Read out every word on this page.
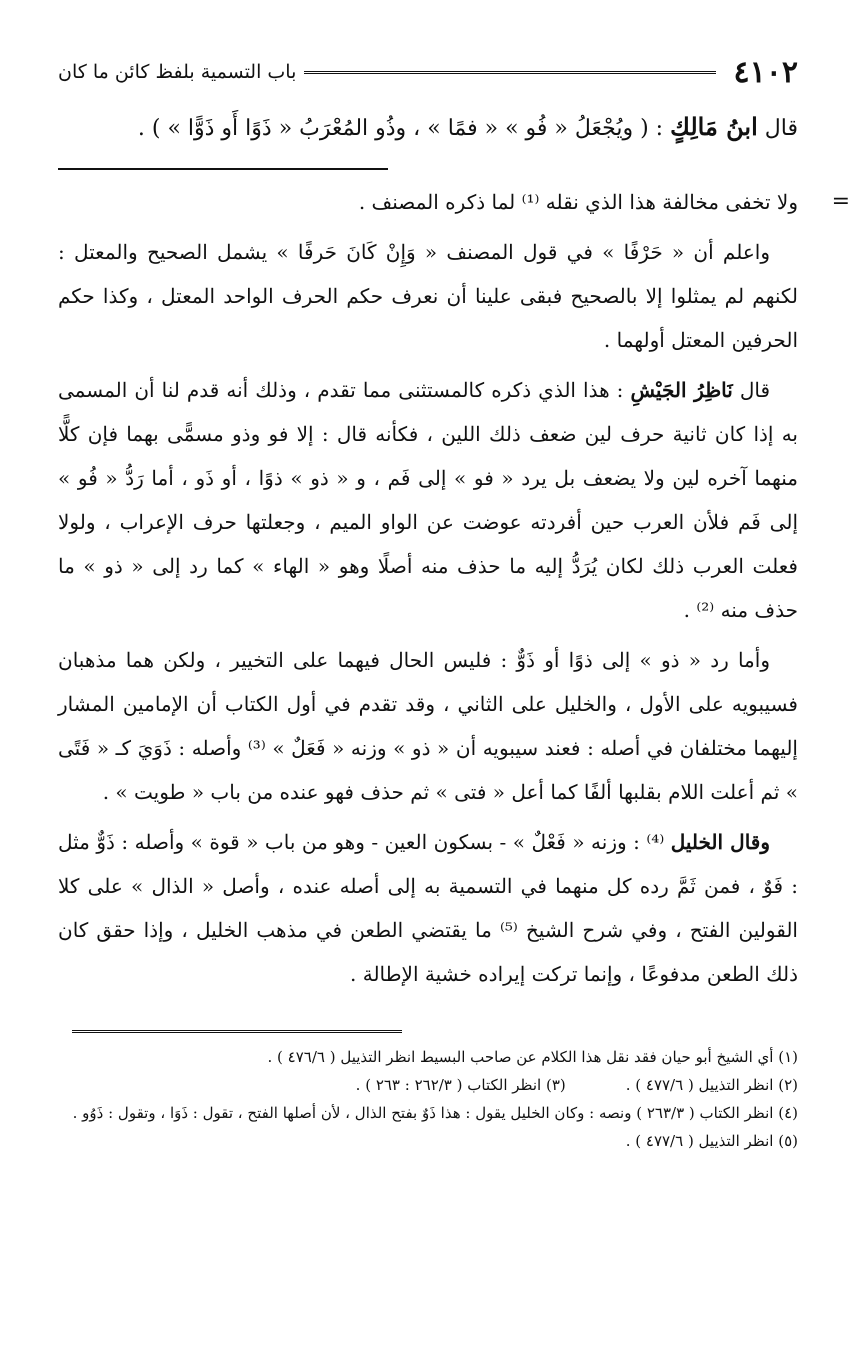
٤١٠٢
باب التسمية بلفظ كائن ما كان
قال ابنُ مَالِكٍ : ( ويُجْعَلُ « فُو » « فمًا » ، وذُو المُعْرَبُ « ذَوًا أَو ذَوًّا » ) .
=

ولا تخفى مخالفة هذا الذي نقله ⁽¹⁾ لما ذكره المصنف .

واعلم أن « حَرْفًا » في قول المصنف « وَإِنْ كَانَ حَرفًا » يشمل الصحيح والمعتل : لكنهم لم يمثلوا إلا بالصحيح فبقى علينا أن نعرف حكم الحرف الواحد المعتل ، وكذا حكم الحرفين المعتل أولهما .

قال نَاظِرُ الجَيْشِ : هذا الذي ذكره كالمستثنى مما تقدم ، وذلك أنه قدم لنا أن المسمى به إذا كان ثانية حرف لين ضعف ذلك اللين ، فكأنه قال : إلا فو وذو مسمًّى بهما فإن كلًّا منهما آخره لين ولا يضعف بل يرد « فو » إلى فَم ، و « ذو » ذوًا ، أو ذَو ، أما رَدُّ « فُو » إلى فَم فلأن العرب حين أفردته عوضت عن الواو الميم ، وجعلتها حرف الإعراب ، ولولا فعلت العرب ذلك لكان يُرَدُّ إليه ما حذف منه أصلًا وهو « الهاء » كما رد إلى « ذو » ما حذف منه ⁽²⁾ .

وأما رد « ذو » إلى ذوًا أو ذَوٌّ : فليس الحال فيهما على التخيير ، ولكن هما مذهبان فسيبويه على الأول ، والخليل على الثاني ، وقد تقدم في أول الكتاب أن الإمامين المشار إليهما مختلفان في أصله : فعند سيبويه أن « ذو » وزنه « فَعَلٌ » ⁽³⁾ وأصله : ذَوَيَ كـ « فَتًى » ثم أعلت اللام بقلبها ألفًا كما أعل « فتى » ثم حذف فهو عنده من باب « طويت » .

وقال الخليل ⁽⁴⁾ : وزنه « فَعْلٌ » - بسكون العين - وهو من باب « قوة » وأصله : ذَوٌّ مثل : فَوٌ ، فمن ثَمَّ رده كل منهما في التسمية به إلى أصله عنده ، وأصل « الذال » على كلا القولين الفتح ، وفي شرح الشيخ ⁽⁵⁾ ما يقتضي الطعن في مذهب الخليل ، وإذا حقق كان ذلك الطعن مدفوعًا ، وإنما تركت إيراده خشية الإطالة .

(١) أي الشيخ أبو حيان فقد نقل هذا الكلام عن صاحب البسيط انظر التذييل ( ٤٧٦/٦ ) .

(٢) انظر التذييل ( ٤٧٧/٦ ) .

(٣) انظر الكتاب ( ٢٦٢/٣ : ٢٦٣ ) .

(٤) انظر الكتاب ( ٢٦٣/٣ ) ونصه : وكان الخليل يقول : هذا ذَوٌ بفتح الذال ، لأن أصلها الفتح ، تقول : ذَوَا ، وتقول : ذَوُو .

(٥) انظر التذييل ( ٤٧٧/٦ ) .
